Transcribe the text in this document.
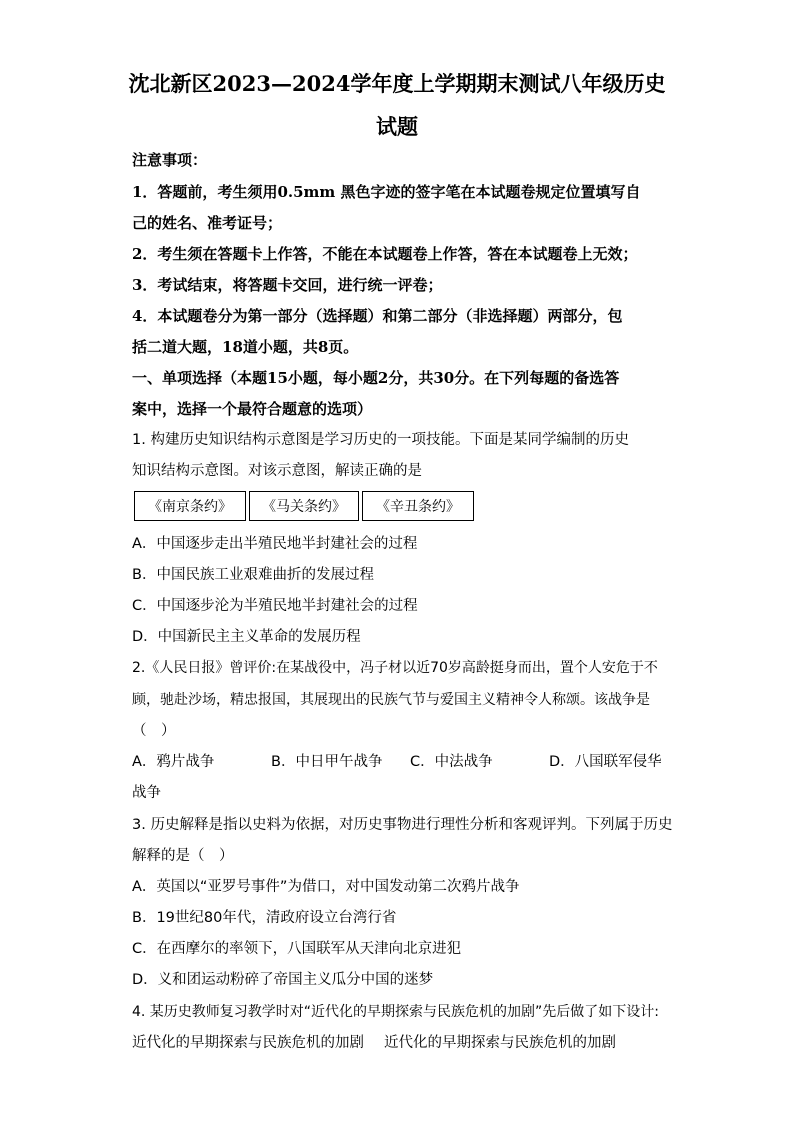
沈北新区2023—2024学年度上学期期末测试八年级历史
试题
注意事项：
1．答题前，考生须用0.5mm 黑色字迹的签字笔在本试题卷规定位置填写自
己的姓名、准考证号；
2．考生须在答题卡上作答，不能在本试题卷上作答，答在本试题卷上无效；
3．考试结束，将答题卡交回，进行统一评卷；
4．本试题卷分为第一部分（选择题）和第二部分（非选择题）两部分，包
括二道大题，18道小题，共8页。
一、单项选择（本题15小题，每小题2分，共30分。在下列每题的备选答
案中，选择一个最符合题意的选项）
1. 构建历史知识结构示意图是学习历史的一项技能。下面是某同学编制的历史
知识结构示意图。对该示意图，解读正确的是
《南京条约》 《马关条约》 《辛丑条约》
A．中国逐步走出半殖民地半封建社会的过程
B．中国民族工业艰难曲折的发展过程
C．中国逐步沦为半殖民地半封建社会的过程
D．中国新民主主义革命的发展历程
2.《人民日报》曾评价:在某战役中，冯子材以近70岁高龄挺身而出，置个人安危于不
顾，驰赴沙场，精忠报国，其展现出的民族气节与爱国主义精神令人称颂。该战争是
（　）
A．鸦片战争	B．中日甲午战争 C．中法战争	D．八国联军侵华
战争
3. 历史解释是指以史料为依据，对历史事物进行理性分析和客观评判。下列属于历史
解释的是（　）
A．英国以“亚罗号事件”为借口，对中国发动第二次鸦片战争
B．19世纪80年代，清政府设立台湾行省
C．在西摩尔的率领下，八国联军从天津向北京进犯
D．义和团运动粉碎了帝国主义瓜分中国的迷梦
4. 某历史教师复习教学时对“近代化的早期探索与民族危机的加剧”先后做了如下设计:
近代化的早期探索与民族危机的加剧 近代化的早期探索与民族危机的加剧
